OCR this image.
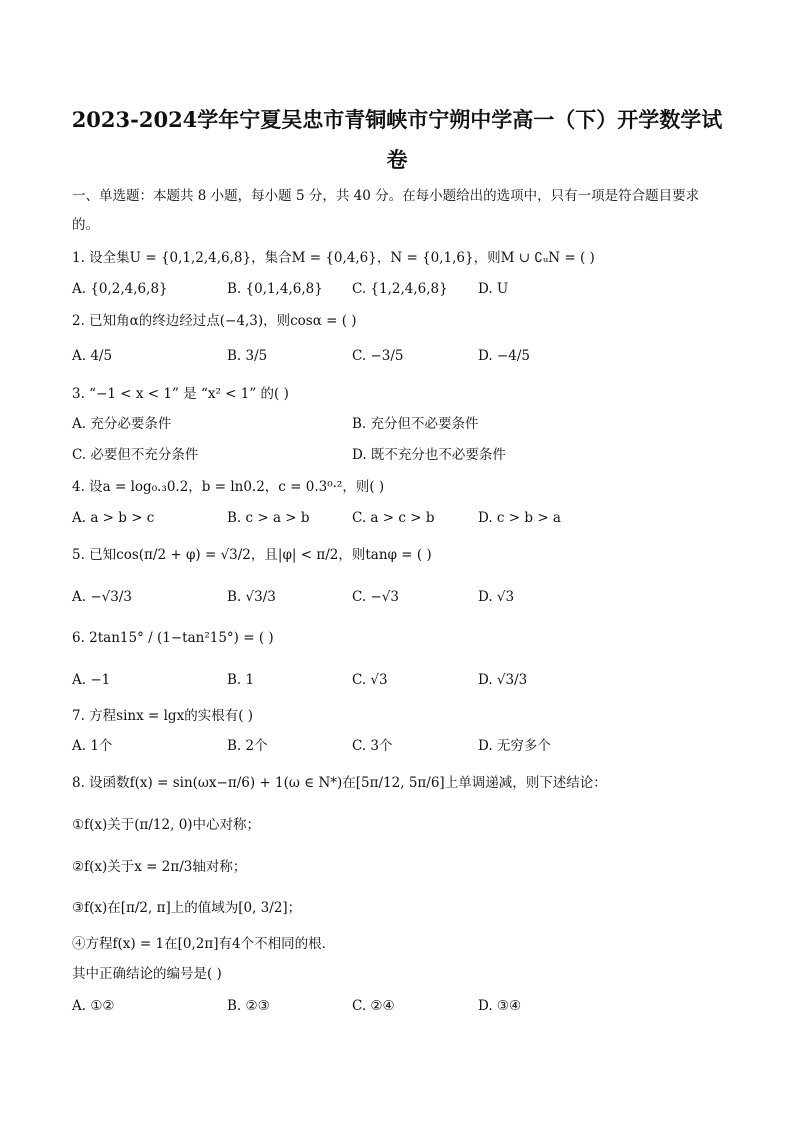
2023-2024学年宁夏吴忠市青铜峡市宁朔中学高一（下）开学数学试
卷
一、单选题：本题共 8 小题，每小题 5 分，共 40 分。在每小题给出的选项中，只有一项是符合题目要求
的。
1. 设全集U = {0,1,2,4,6,8}，集合M = {0,4,6}，N = {0,1,6}，则M ∪ ∁ᵤN = ( )
A. {0,2,4,6,8}	B. {0,1,4,6,8} C. {1,2,4,6,8} D. U
2. 已知角α的终边经过点(−4,3)，则cosα = ( )
A. 4/5	B. 3/5	C. −3/5	D. −4/5
3. “−1 < x < 1” 是 “x² < 1” 的( )
A. 充分必要条件	B. 充分但不必要条件
C. 必要但不充分条件	D. 既不充分也不必要条件
4. 设a = log₀.₃0.2，b = ln0.2，c = 0.3⁰·²，则( )
A. a > b > c	B. c > a > b	C. a > c > b	D. c > b > a
5. 已知cos(π/2 + φ) = √3/2，且|φ| < π/2，则tanφ = ( )
A. −√3/3	B. √3/3	C. −√3	D. √3
6. 2tan15° / (1−tan²15°) = ( )
A. −1	B. 1	C. √3	D. √3/3
7. 方程sinx = lgx的实根有( )
A. 1个	B. 2个	C. 3个	D. 无穷多个
8. 设函数f(x) = sin(ωx−π/6) + 1(ω ∈ N*)在[5π/12, 5π/6]上单调递减，则下述结论：
①f(x)关于(π/12, 0)中心对称；
②f(x)关于x = 2π/3轴对称；
③f(x)在[π/2, π]上的值域为[0, 3/2]；
④方程f(x) = 1在[0,2π]有4个不相同的根．
其中正确结论的编号是( )
A. ①②	B. ②③	C. ②④	D. ③④
